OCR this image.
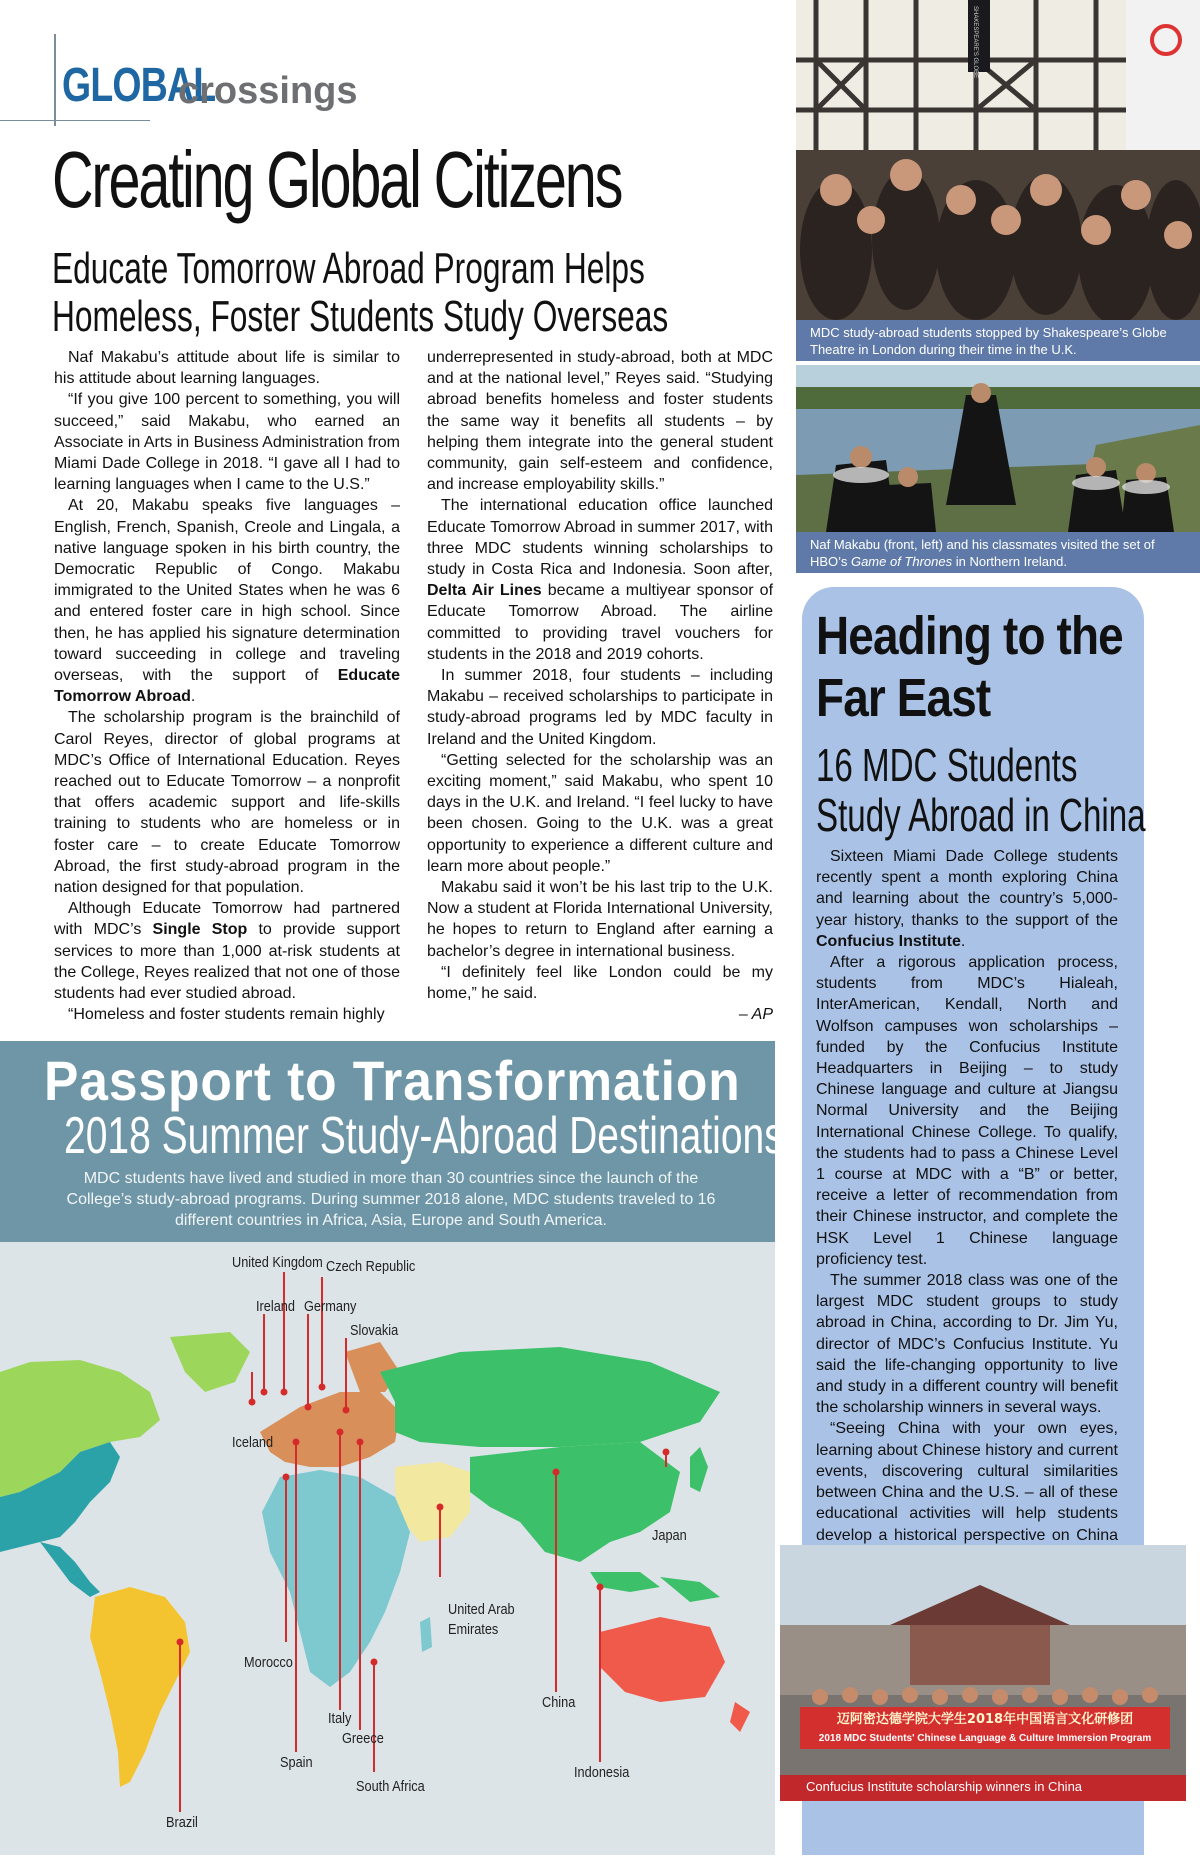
GLOBAL
crossings
Creating Global Citizens
Educate Tomorrow Abroad Program Helps Homeless, Foster Students Study Overseas

Naf Makabu’s attitude about life is similar to his attitude about learning languages.

“If you give 100 percent to something, you will succeed,” said Makabu, who earned an Associate in Arts in Business Administration from Miami Dade College in 2018. “I gave all I had to learning languages when I came to the U.S.”

At 20, Makabu speaks five languages – English, French, Spanish, Creole and Lingala, a native language spoken in his birth country, the Democratic Republic of Congo. Makabu immigrated to the United States when he was 6 and entered foster care in high school. Since then, he has applied his signature determination toward succeeding in college and traveling overseas, with the support of Educate Tomorrow Abroad.

The scholarship program is the brainchild of Carol Reyes, director of global programs at MDC’s Office of International Education. Reyes reached out to Educate Tomorrow – a nonprofit that offers academic support and life-skills training to students who are homeless or in foster care – to create Educate Tomorrow Abroad, the first study-abroad program in the nation designed for that population.

Although Educate Tomorrow had partnered with MDC’s Single Stop to provide support services to more than 1,000 at-risk students at the College, Reyes realized that not one of those students had ever studied abroad.

“Homeless and foster students remain highly

underrepresented in study-abroad, both at MDC and at the national level,” Reyes said. “Studying abroad benefits homeless and foster students the same way it benefits all students – by helping them integrate into the general student community, gain self-esteem and confidence, and increase employability skills.”

The international education office launched Educate Tomorrow Abroad in summer 2017, with three MDC students winning scholarships to study in Costa Rica and Indonesia. Soon after, Delta Air Lines became a multiyear sponsor of Educate Tomorrow Abroad. The airline committed to providing travel vouchers for students in the 2018 and 2019 cohorts.

In summer 2018, four students – including Makabu – received scholarships to participate in study-abroad programs led by MDC faculty in Ireland and the United Kingdom.

“Getting selected for the scholarship was an exciting moment,” said Makabu, who spent 10 days in the U.K. and Ireland. “I feel lucky to have been chosen. Going to the U.K. was a great opportunity to experience a different culture and learn more about people.”

Makabu said it won’t be his last trip to the U.K. Now a student at Florida International University, he hopes to return to England after earning a bachelor’s degree in international business.

“I definitely feel like London could be my home,” he said.

– AP
SHAKESPEARE'S GLOBE
MDC study-abroad students stopped by Shakespeare’s Globe Theatre in London during their time in the U.K.
Naf Makabu (front, left) and his classmates visited the set of HBO’s Game of Thrones in Northern Ireland.
Heading to the Far East
16 MDC Students Study Abroad in China

Sixteen Miami Dade College students recently spent a month exploring China and learning about the country’s 5,000-year history, thanks to the support of the Confucius Institute.

After a rigorous application process, students from MDC’s Hialeah, InterAmerican, Kendall, North and Wolfson campuses won scholarships – funded by the Confucius Institute Headquarters in Beijing – to study Chinese language and culture at Jiangsu Normal University and the Beijing International Chinese College. To qualify, the students had to pass a Chinese Level 1 course at MDC with a “B” or better, receive a letter of recommendation from their Chinese instructor, and complete the HSK Level 1 Chinese language proficiency test.

The summer 2018 class was one of the largest MDC student groups to study abroad in China, according to Dr. Jim Yu, director of MDC’s Confucius Institute. Yu said the life-changing opportunity to live and study in a different country will benefit the scholarship winners in several ways.

“Seeing China with your own eyes, learning about Chinese history and current events, discovering cultural similarities between China and the U.S. – all of these educational activities will help students develop a historical perspective on China

迈阿密达德学院大学生2018年中国语言文化研修团
2018 MDC Students' Chinese Language & Culture Immersion Program
Confucius Institute scholarship winners in China
Passport to Transformation
2018 Summer Study-Abroad Destinations
MDC students have lived and studied in more than 30 countries since the launch of the College’s study-abroad programs. During summer 2018 alone, MDC students traveled to 16 different countries in Africa, Asia, Europe and South America.
United Kingdom Czech Republic
Ireland Germany
Slovakia
Iceland
Japan
United Arab Emirates
Morocco
China
Italy
Greece
Spain
South Africa
Indonesia
Brazil
